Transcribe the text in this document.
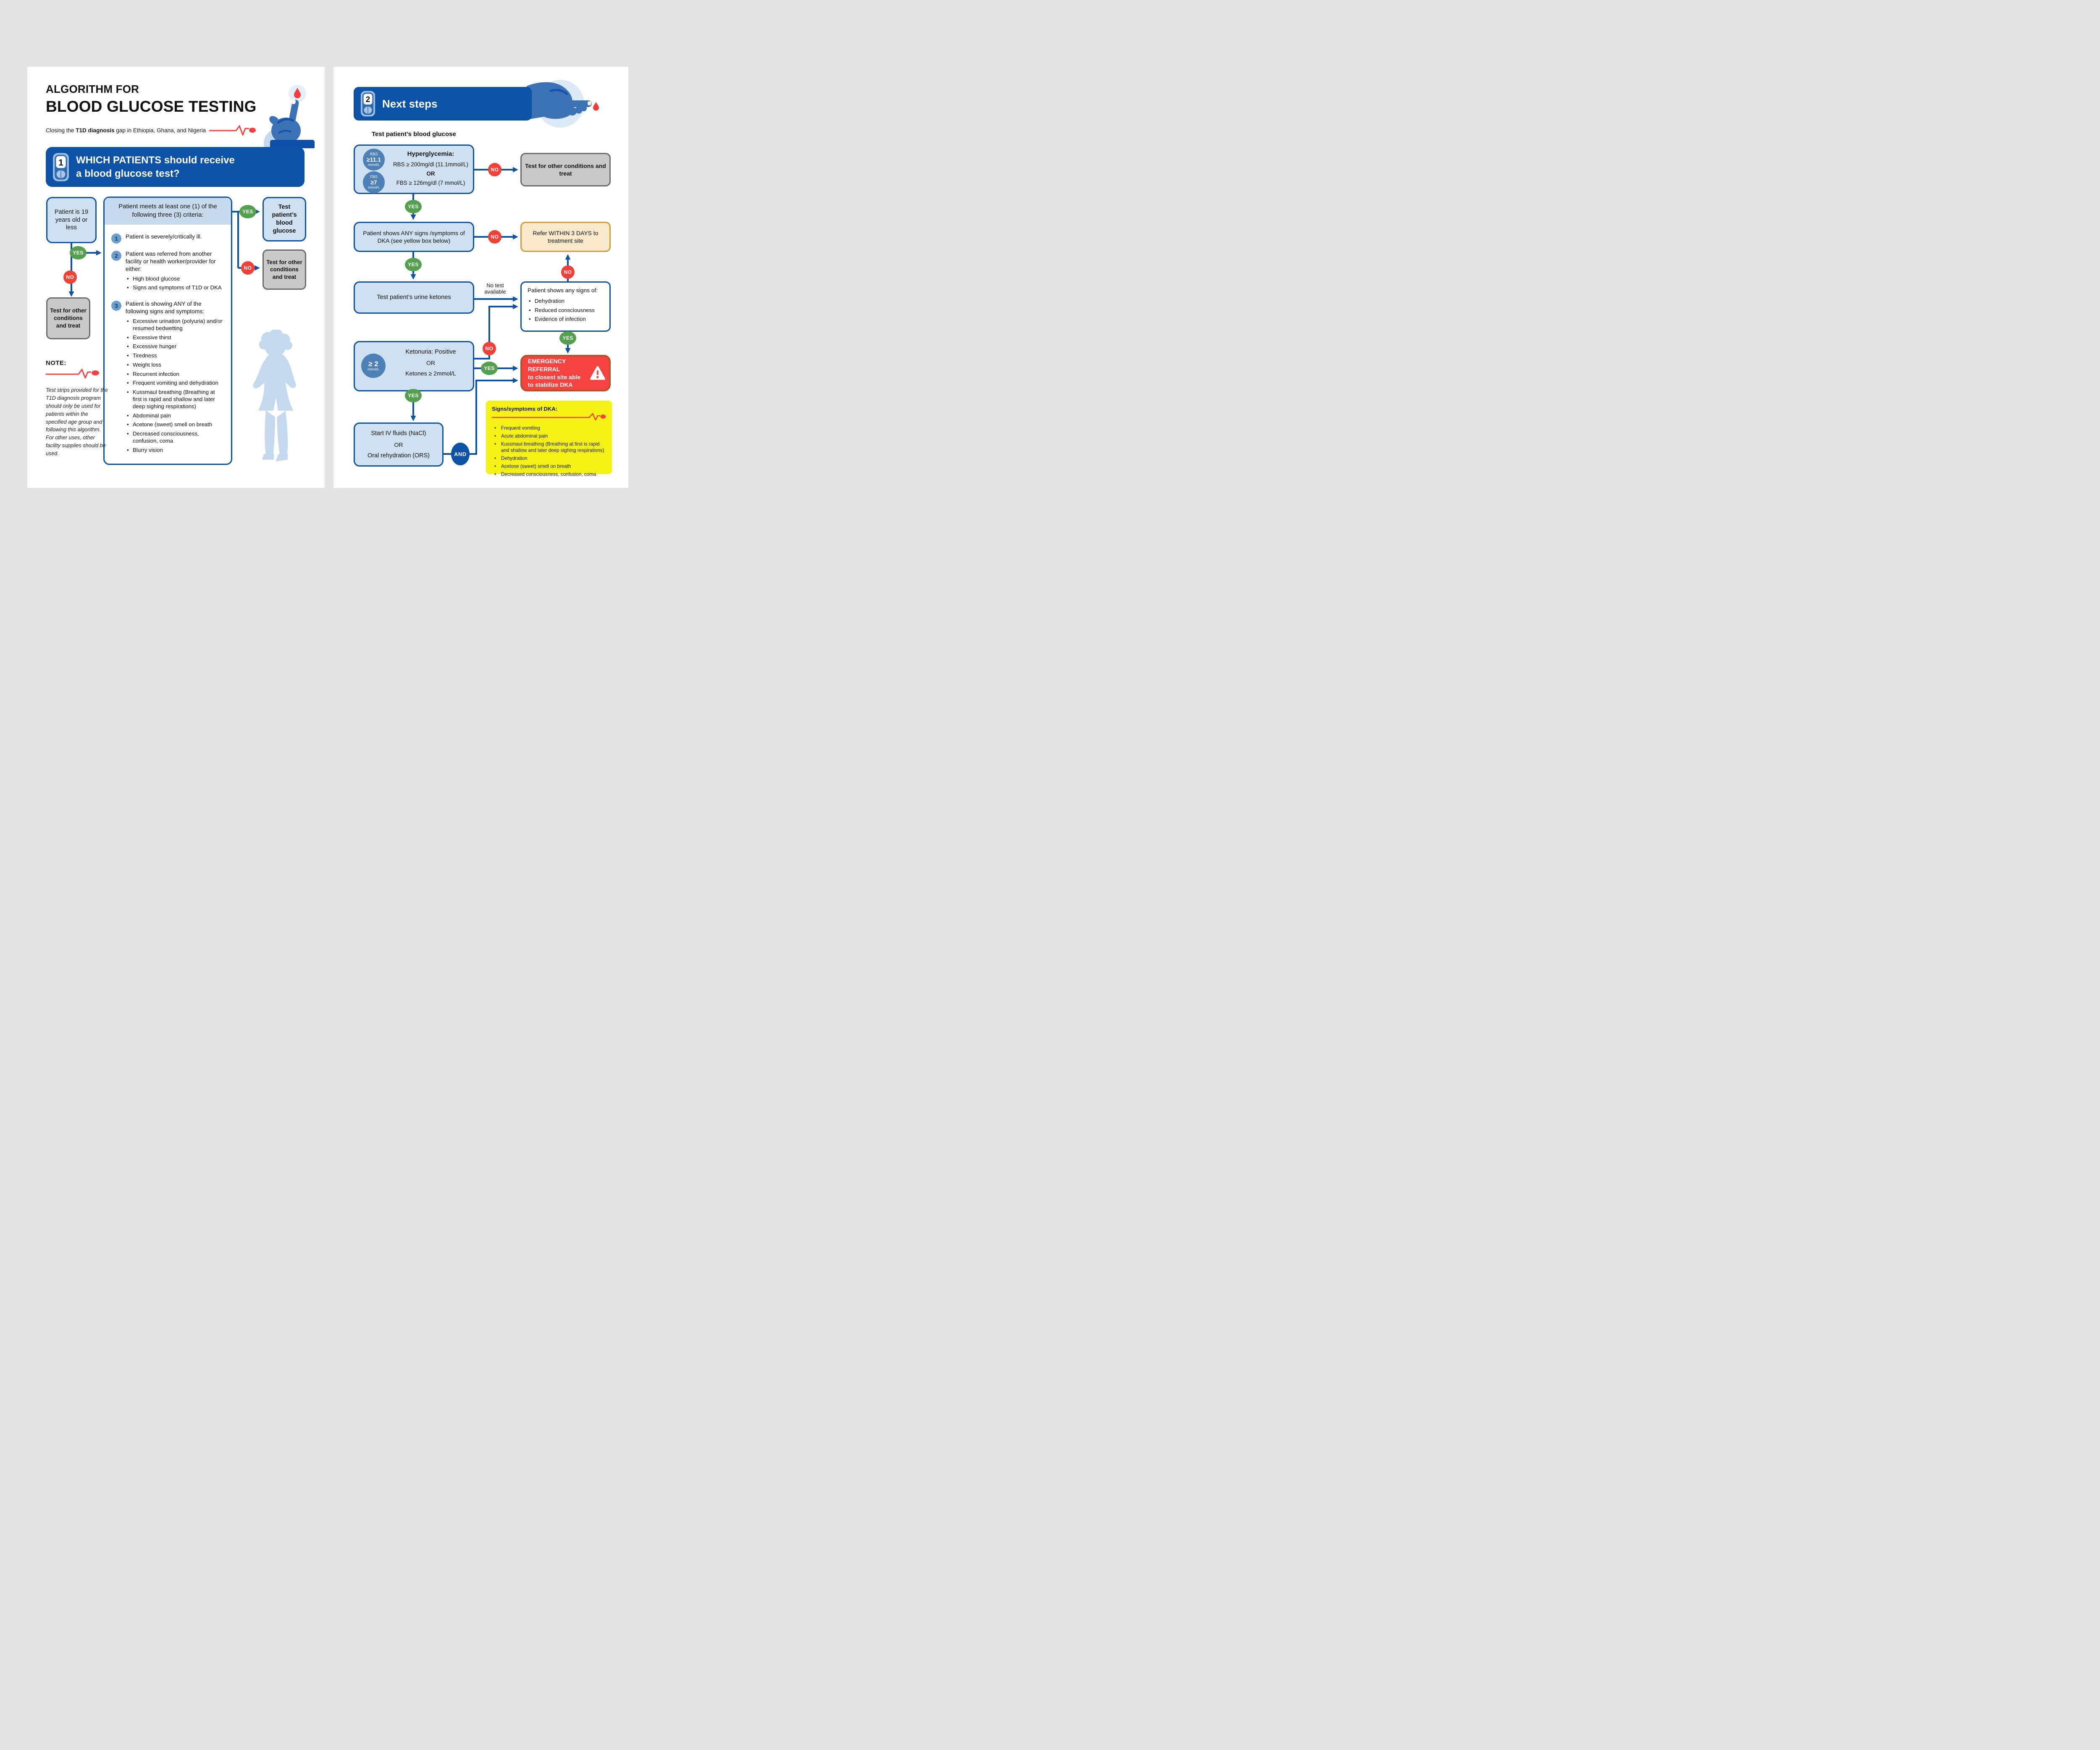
ALGORITHM FOR
BLOOD GLUCOSE TESTING
Closing the T1D diagnosis gap in Ethiopia, Ghana, and Nigeria
1 WHICH PATIENTS should receive
a blood glucose test?
Patient is 19 years old or less
Patient meets at least one (1) of the following three (3) criteria:
1	Patient is severely/critically ill.
2	Patient was referred from another facility or health worker/provider for either:
• High blood glucose
• Signs and symptoms of T1D or DKA
3	Patient is showing ANY of the following signs and symptoms:
• Excessive urination (polyuria) and/or resumed bedwetting
• Excessive thirst
• Excessive hunger
• Tiredness
• Weight loss
• Recurrent infection
• Frequent vomiting and dehydration
• Kussmaul breathing (Breathing at first is rapid and shallow and later deep sighing respirations)
• Abdominal pain
• Acetone (sweet) smell on breath
• Decreased consciousness, confusion, coma
• Blurry vision
Test patient’s blood glucose
Test for other conditions and treat
Test for other conditions and treat
YES
NO
YES
NO
NOTE:

Test strips provided for the T1D diagnosis program should only be used for patients within the specified age group and following this algorithm. For other uses, other facility supplies should be used.

2 Next steps
Test patient’s blood glucose
Hyperglycemia:
RBS ≥ 200mg/dl (11.1mmol/L)
OR
FBS ≥ 126mg/dl (7 mmol/L)
RBS
≥11.1
mmol/L
FBS
≥7
mmol/L
Test for other conditions and treat
Patient shows ANY signs /symptoms of DKA (see yellow box below)
Refer WITHIN 3 DAYS to treatment site
Test patient’s urine ketones
No test
available	Patient shows any signs of:
• Dehydration
• Reduced consciousness
• Evidence of infection
Ketonuria: Positive
OR
Ketones ≥ 2mmol/L
≥ 2
mmol/L
EMERGENCY REFERRAL
to closest site able
to stabilize DKA
Start IV fluids (NaCl)
OR
Oral rehydration (ORS)
Signs/symptoms of DKA:
• Frequent vomiting
• Acute abdominal pain
• Kussmaul breathing (Breathing at first is rapid and shallow and later deep sighing respirations)
• Dehydration
• Acetone (sweet) smell on breath
• Decreased consciousness, confusion, coma
YES
NO
YES
NO
NO
YES
NO
YES
YES
AND
